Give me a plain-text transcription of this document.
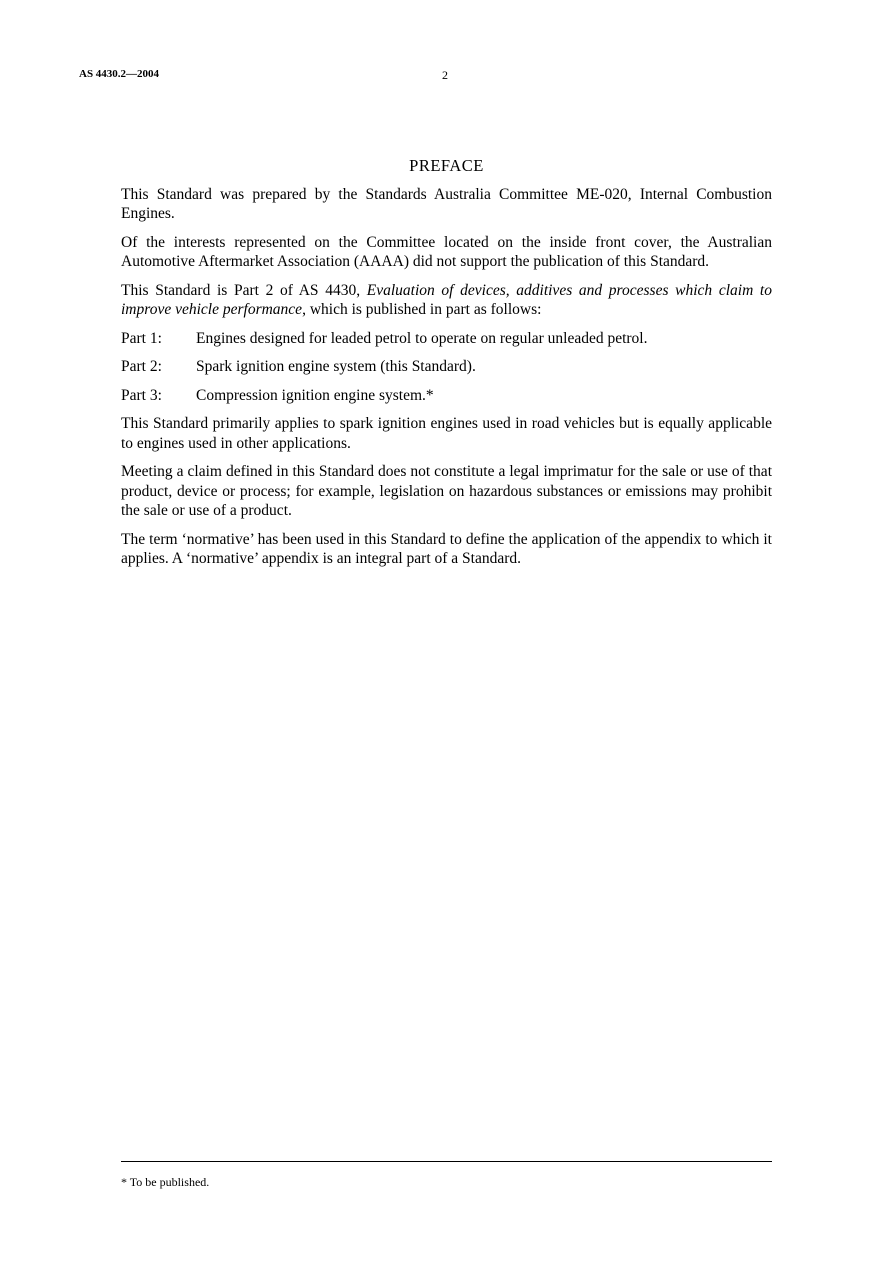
AS 4430.2—2004	2
PREFACE
This Standard was prepared by the Standards Australia Committee ME-020, Internal Combustion Engines.
Of the interests represented on the Committee located on the inside front cover, the Australian Automotive Aftermarket Association (AAAA) did not support the publication of this Standard.
This Standard is Part 2 of AS 4430, Evaluation of devices, additives and processes which claim to improve vehicle performance, which is published in part as follows:
Part 1:	Engines designed for leaded petrol to operate on regular unleaded petrol.
Part 2:	Spark ignition engine system (this Standard).
Part 3:	Compression ignition engine system.*
This Standard primarily applies to spark ignition engines used in road vehicles but is equally applicable to engines used in other applications.
Meeting a claim defined in this Standard does not constitute a legal imprimatur for the sale or use of that product, device or process; for example, legislation on hazardous substances or emissions may prohibit the sale or use of a product.
The term ‘normative’ has been used in this Standard to define the application of the appendix to which it applies. A ‘normative’ appendix is an integral part of a Standard.
* To be published.
